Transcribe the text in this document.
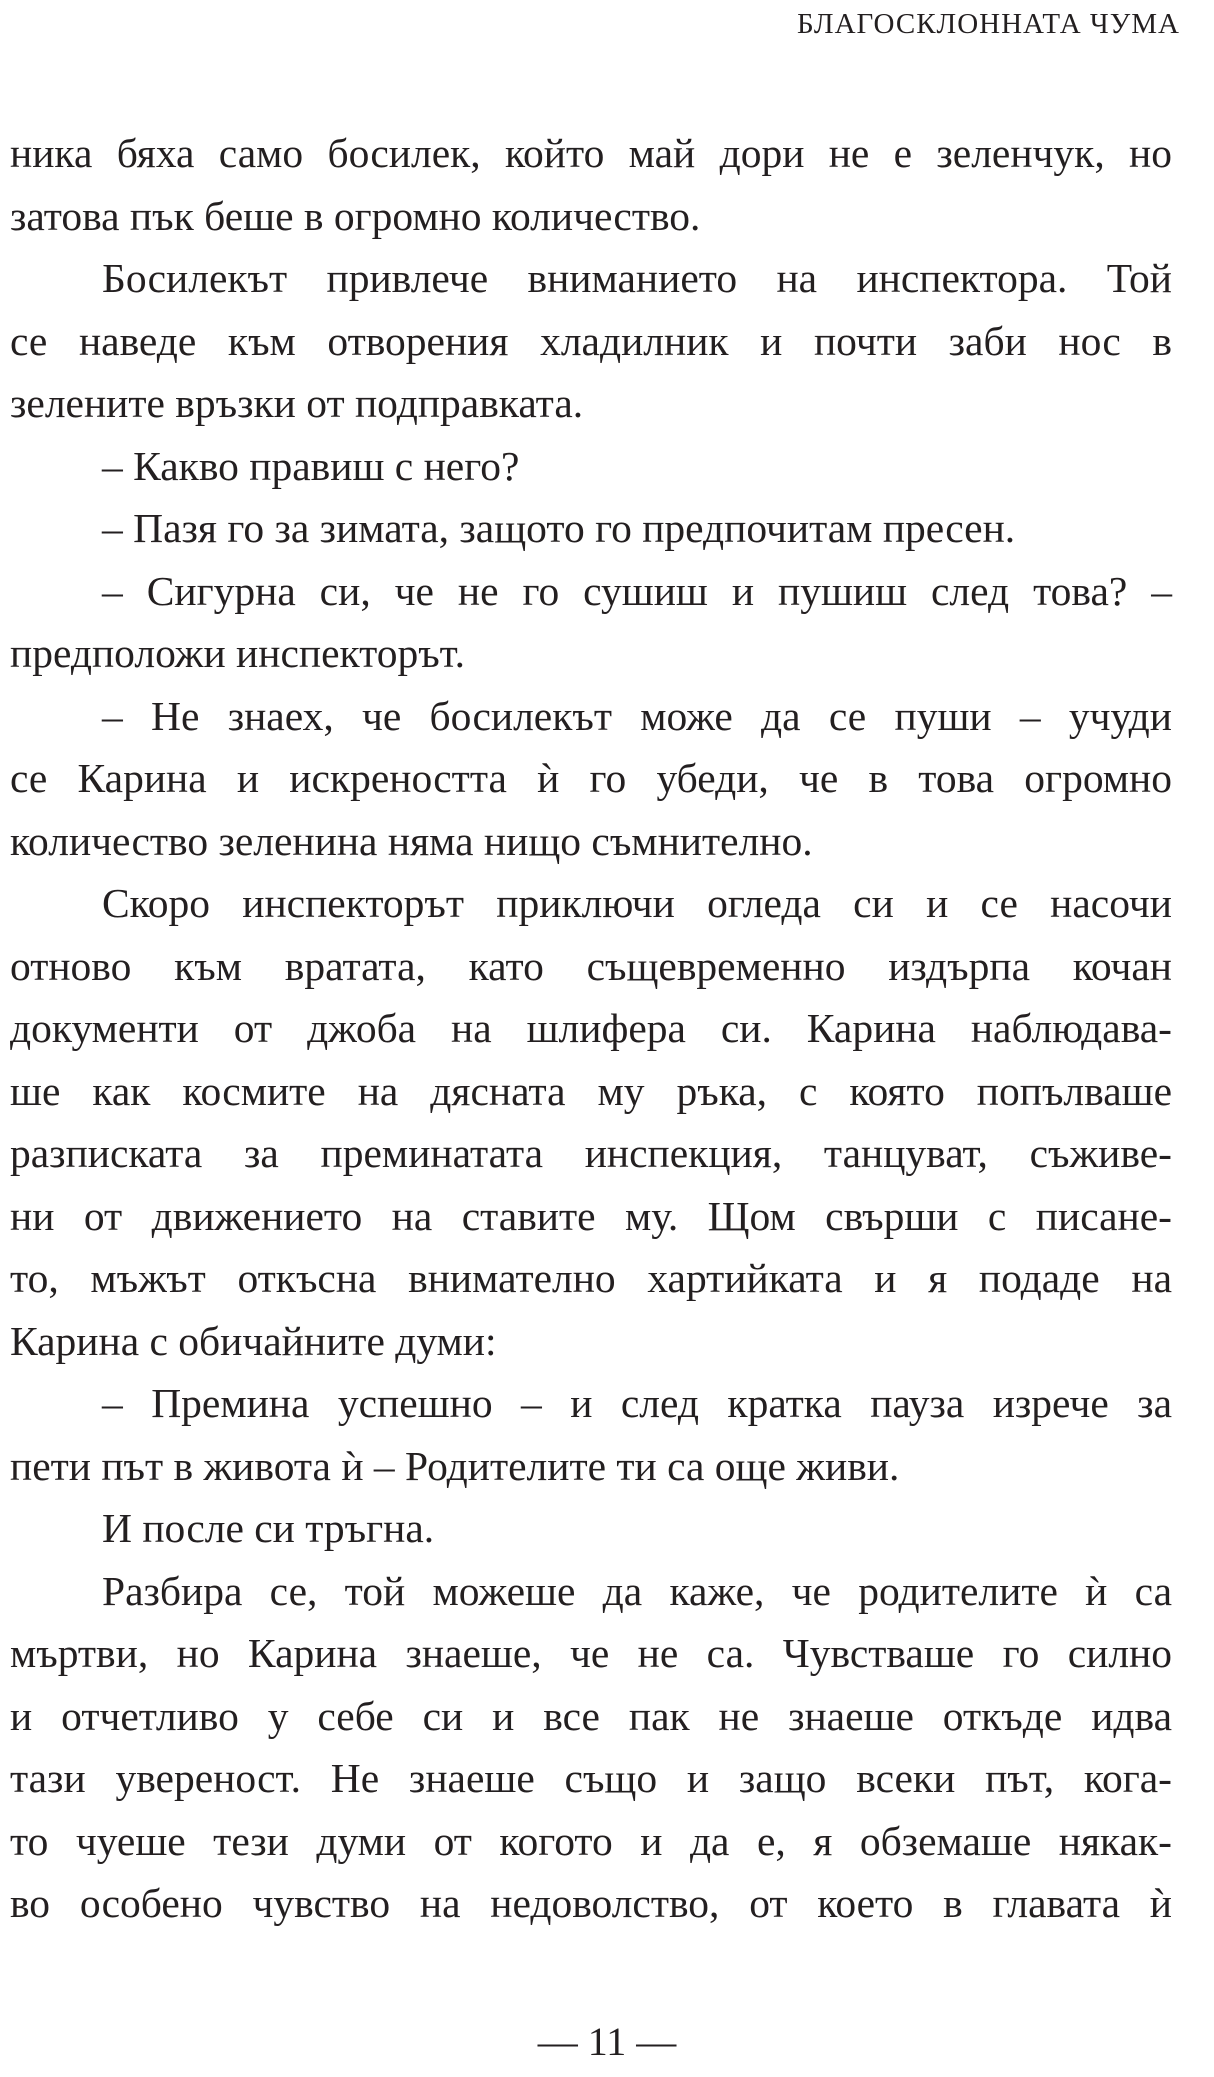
БЛАГОСКЛОННАТА ЧУМА
ника бяха само босилек, който май дори не е зеленчук, но
затова пък беше в огромно количество.
Босилекът привлече вниманието на инспектора. Той
се наведе към отворения хладилник и почти заби нос в
зелените връзки от подправката.
– Какво правиш с него?
– Пазя го за зимата, защото го предпочитам пресен.
– Сигурна си, че не го сушиш и пушиш след това? –
предположи инспекторът.
– Не знаех, че босилекът може да се пуши – учуди
се Карина и искреността ѝ го убеди, че в това огромно
количество зеленина няма нищо съмнително.
Скоро инспекторът приключи огледа си и се насочи
отново към вратата, като същевременно издърпа кочан
документи от джоба на шлифера си. Карина наблюдава-
ше как космите на дясната му ръка, с която попълваше
разписката за преминатата инспекция, танцуват, съживе-
ни от движението на ставите му. Щом свърши с писане-
то, мъжът откъсна внимателно хартийката и я подаде на
Карина с обичайните думи:
– Премина успешно – и след кратка пауза изрече за
пети път в живота ѝ – Родителите ти са още живи.
И после си тръгна.
Разбира се, той можеше да каже, че родителите ѝ са
мъртви, но Карина знаеше, че не са. Чувстваше го силно
и отчетливо у себе си и все пак не знаеше откъде идва
тази увереност. Не знаеше също и защо всеки път, кога-
то чуеше тези думи от когото и да е, я обземаше някак-
во особено чувство на недоволство, от което в главата ѝ
— 11 —
